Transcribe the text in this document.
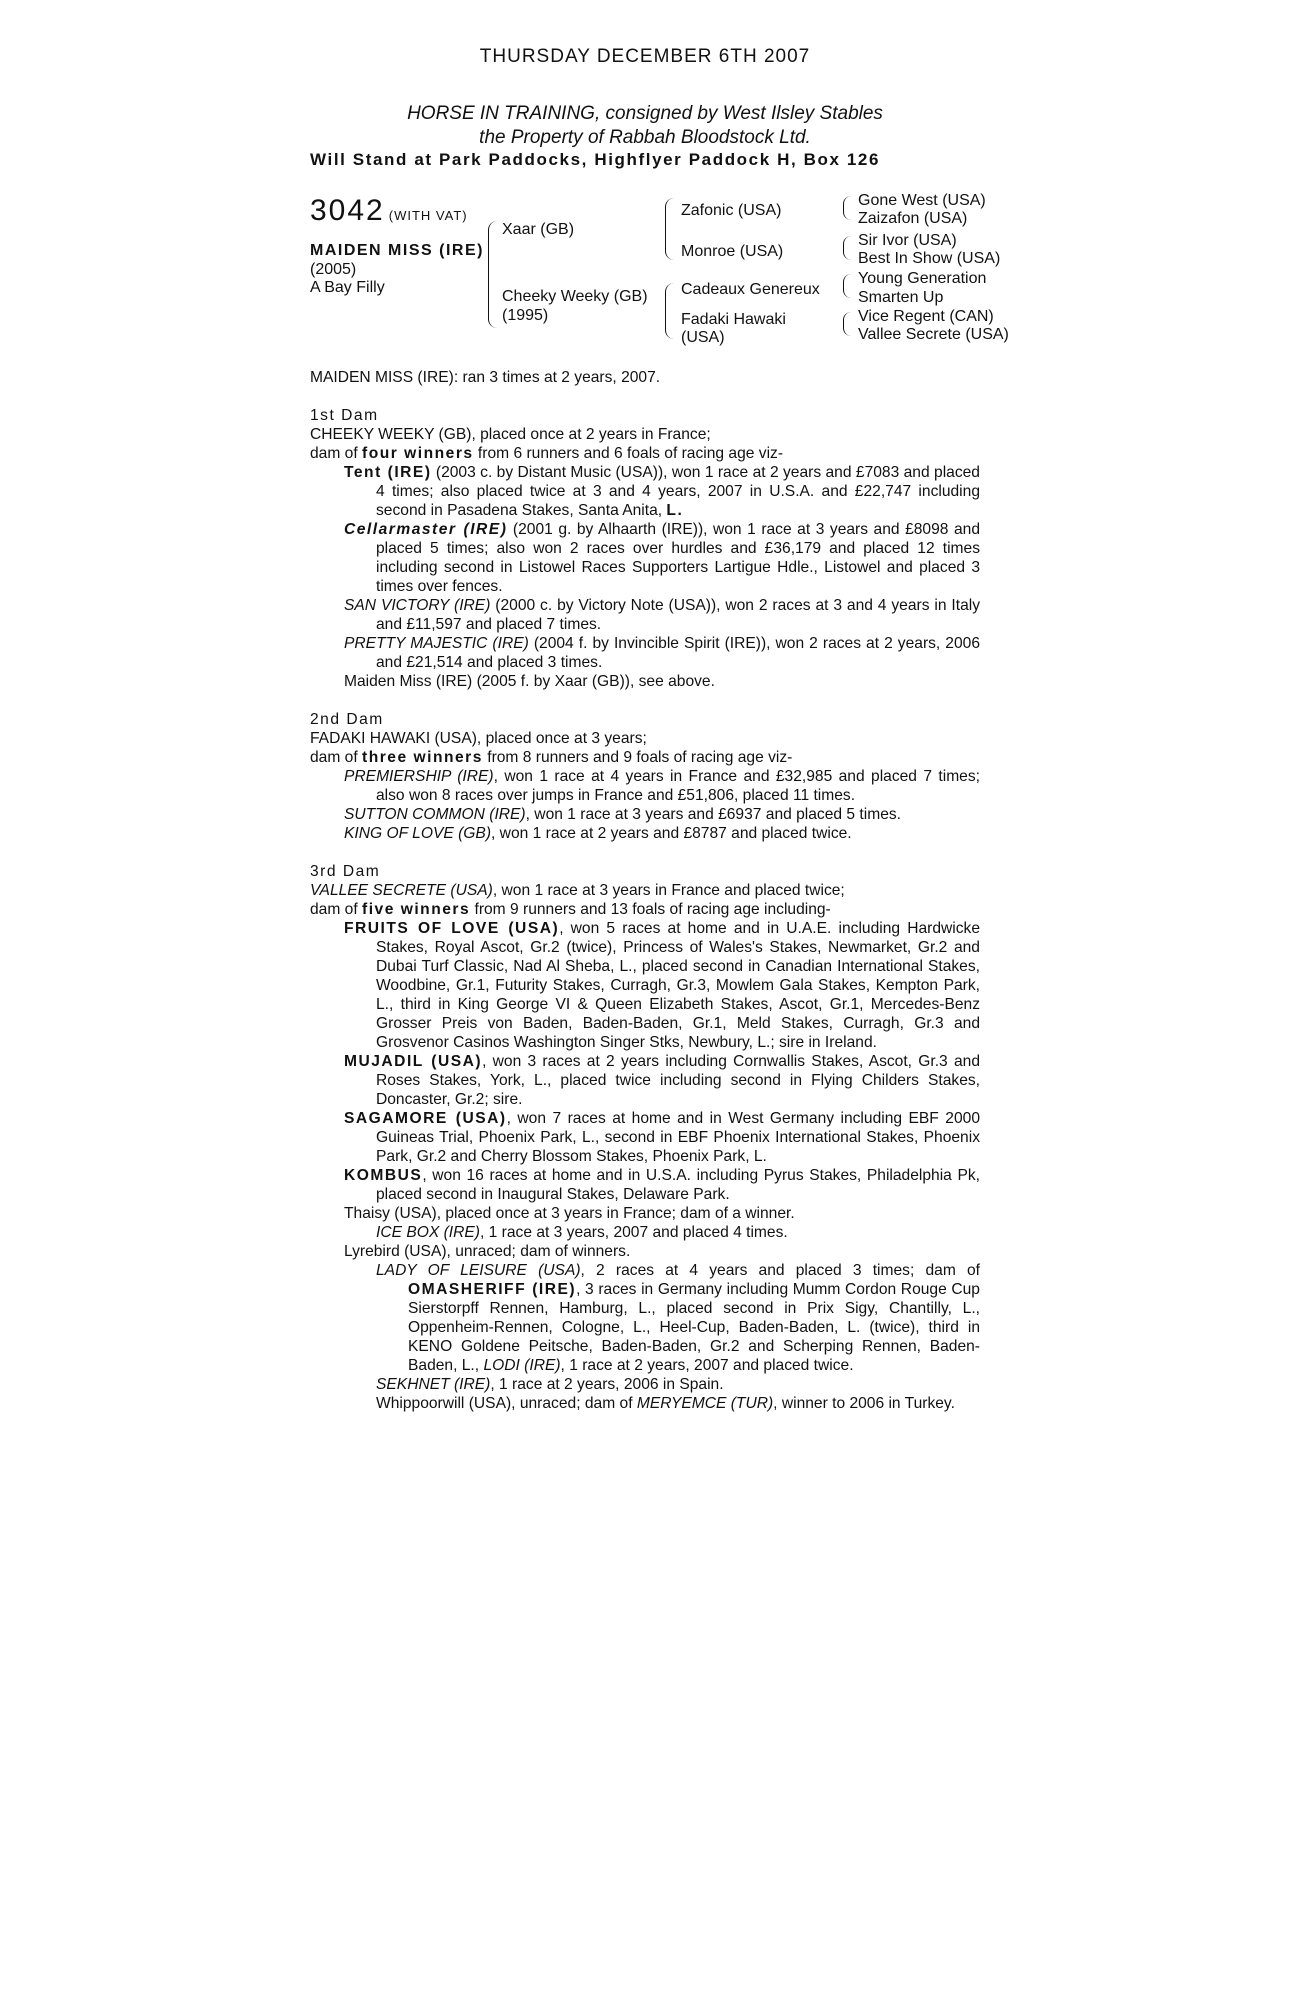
THURSDAY DECEMBER 6TH 2007
HORSE IN TRAINING, consigned by West Ilsley Stables
the Property of Rabbah Bloodstock Ltd.
Will Stand at Park Paddocks, Highflyer Paddock H, Box 126
3042 (WITH VAT)
MAIDEN MISS (IRE)
(2005)
A Bay Filly
Xaar (GB)
Cheeky Weeky (GB)
(1995)
Zafonic (USA)
Monroe (USA)
Cadeaux Genereux
Fadaki Hawaki
(USA)
Gone West (USA)
Zaizafon (USA)
Sir Ivor (USA)
Best In Show (USA)
Young Generation
Smarten Up
Vice Regent (CAN)
Vallee Secrete (USA)

MAIDEN MISS (IRE): ran 3 times at 2 years, 2007.

1st Dam

CHEEKY WEEKY (GB), placed once at 2 years in France;

dam of four winners from 6 runners and 6 foals of racing age viz-

Tent (IRE) (2003 c. by Distant Music (USA)), won 1 race at 2 years and £7083 and placed 4 times; also placed twice at 3 and 4 years, 2007 in U.S.A. and £22,747 including second in Pasadena Stakes, Santa Anita, L.

Cellarmaster (IRE) (2001 g. by Alhaarth (IRE)), won 1 race at 3 years and £8098 and placed 5 times; also won 2 races over hurdles and £36,179 and placed 12 times including second in Listowel Races Supporters Lartigue Hdle., Listowel and placed 3 times over fences.

SAN VICTORY (IRE) (2000 c. by Victory Note (USA)), won 2 races at 3 and 4 years in Italy and £11,597 and placed 7 times.

PRETTY MAJESTIC (IRE) (2004 f. by Invincible Spirit (IRE)), won 2 races at 2 years, 2006 and £21,514 and placed 3 times.

Maiden Miss (IRE) (2005 f. by Xaar (GB)), see above.

2nd Dam

FADAKI HAWAKI (USA), placed once at 3 years;

dam of three winners from 8 runners and 9 foals of racing age viz-

PREMIERSHIP (IRE), won 1 race at 4 years in France and £32,985 and placed 7 times; also won 8 races over jumps in France and £51,806, placed 11 times.

SUTTON COMMON (IRE), won 1 race at 3 years and £6937 and placed 5 times.

KING OF LOVE (GB), won 1 race at 2 years and £8787 and placed twice.

3rd Dam

VALLEE SECRETE (USA), won 1 race at 3 years in France and placed twice;

dam of five winners from 9 runners and 13 foals of racing age including-

FRUITS OF LOVE (USA), won 5 races at home and in U.A.E. including Hardwicke Stakes, Royal Ascot, Gr.2 (twice), Princess of Wales's Stakes, Newmarket, Gr.2 and Dubai Turf Classic, Nad Al Sheba, L., placed second in Canadian International Stakes, Woodbine, Gr.1, Futurity Stakes, Curragh, Gr.3, Mowlem Gala Stakes, Kempton Park, L., third in King George VI & Queen Elizabeth Stakes, Ascot, Gr.1, Mercedes-Benz Grosser Preis von Baden, Baden-Baden, Gr.1, Meld Stakes, Curragh, Gr.3 and Grosvenor Casinos Washington Singer Stks, Newbury, L.; sire in Ireland.

MUJADIL (USA), won 3 races at 2 years including Cornwallis Stakes, Ascot, Gr.3 and Roses Stakes, York, L., placed twice including second in Flying Childers Stakes, Doncaster, Gr.2; sire.

SAGAMORE (USA), won 7 races at home and in West Germany including EBF 2000 Guineas Trial, Phoenix Park, L., second in EBF Phoenix International Stakes, Phoenix Park, Gr.2 and Cherry Blossom Stakes, Phoenix Park, L.

KOMBUS, won 16 races at home and in U.S.A. including Pyrus Stakes, Philadelphia Pk, placed second in Inaugural Stakes, Delaware Park.

Thaisy (USA), placed once at 3 years in France; dam of a winner.

ICE BOX (IRE), 1 race at 3 years, 2007 and placed 4 times.

Lyrebird (USA), unraced; dam of winners.

LADY OF LEISURE (USA), 2 races at 4 years and placed 3 times; dam of OMASHERIFF (IRE), 3 races in Germany including Mumm Cordon Rouge Cup Sierstorpff Rennen, Hamburg, L., placed second in Prix Sigy, Chantilly, L., Oppenheim-Rennen, Cologne, L., Heel-Cup, Baden-Baden, L. (twice), third in KENO Goldene Peitsche, Baden-Baden, Gr.2 and Scherping Rennen, Baden-Baden, L., LODI (IRE), 1 race at 2 years, 2007 and placed twice.

SEKHNET (IRE), 1 race at 2 years, 2006 in Spain.

Whippoorwill (USA), unraced; dam of MERYEMCE (TUR), winner to 2006 in Turkey.
